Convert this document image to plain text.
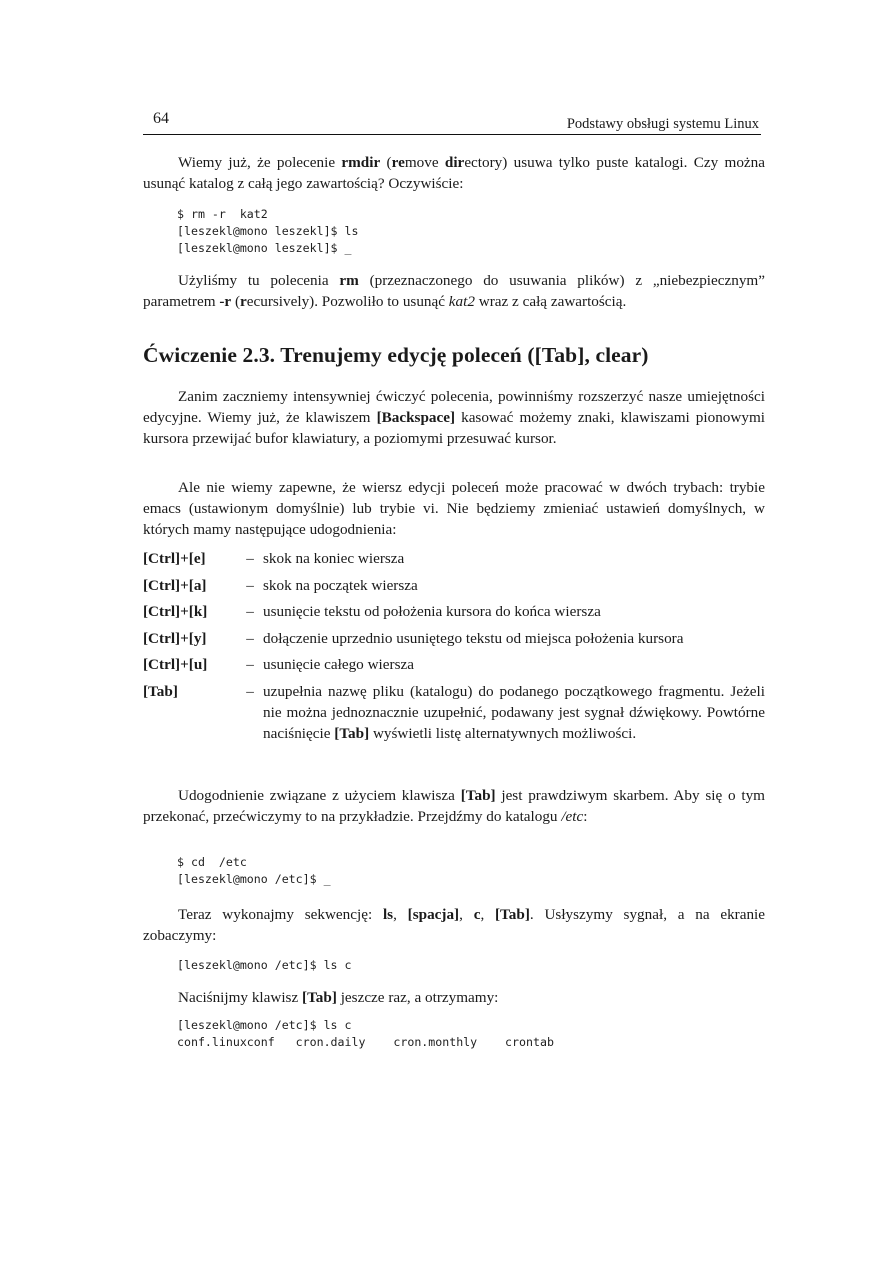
64	Podstawy obsługi systemu Linux

Wiemy już, że polecenie rmdir (remove directory) usuwa tylko puste katalogi. Czy można usunąć katalog z całą jego zawartością? Oczywiście:

$ rm -r  kat2
[leszekl@mono leszekl]$ ls
[leszekl@mono leszekl]$ _

Użyliśmy tu polecenia rm (przeznaczonego do usuwania plików) z „niebezpiecznym” parametrem -r (recursively). Pozwoliło to usunąć kat2 wraz z całą zawartością.

Ćwiczenie 2.3. Trenujemy edycję poleceń ([Tab], clear)

Zanim zaczniemy intensywniej ćwiczyć polecenia, powinniśmy rozszerzyć nasze umiejętności edycyjne. Wiemy już, że klawiszem [Backspace] kasować możemy znaki, klawiszami pionowymi kursora przewijać bufor klawiatury, a poziomymi przesuwać kursor.

Ale nie wiemy zapewne, że wiersz edycji poleceń może pracować w dwóch trybach: trybie emacs (ustawionym domyślnie) lub trybie vi. Nie będziemy zmieniać ustawień domyślnych, w których mamy następujące udogodnienia:

[Ctrl]+[e]	– skok na koniec wiersza
[Ctrl]+[a]	– skok na początek wiersza
[Ctrl]+[k]	– usunięcie tekstu od położenia kursora do końca wiersza
[Ctrl]+[y]	– dołączenie uprzednio usuniętego tekstu od miejsca położenia kursora
[Ctrl]+[u]	– usunięcie całego wiersza
[Tab]	– uzupełnia nazwę pliku (katalogu) do podanego początkowego fragmentu. Jeżeli nie można jednoznacznie uzupełnić, podawany jest sygnał dźwiękowy. Powtórne naciśnięcie [Tab] wyświetli listę alternatywnych możliwości.

Udogodnienie związane z użyciem klawisza [Tab] jest prawdziwym skarbem. Aby się o tym przekonać, przećwiczymy to na przykładzie. Przejdźmy do katalogu /etc:

$ cd  /etc
[leszekl@mono /etc]$ _

Teraz wykonajmy sekwencję: ls, [spacja], c, [Tab]. Usłyszymy sygnał, a na ekranie zobaczymy:

[leszekl@mono /etc]$ ls c

Naciśnijmy klawisz [Tab] jeszcze raz, a otrzymamy:

[leszekl@mono /etc]$ ls c
conf.linuxconf   cron.daily    cron.monthly    crontab
